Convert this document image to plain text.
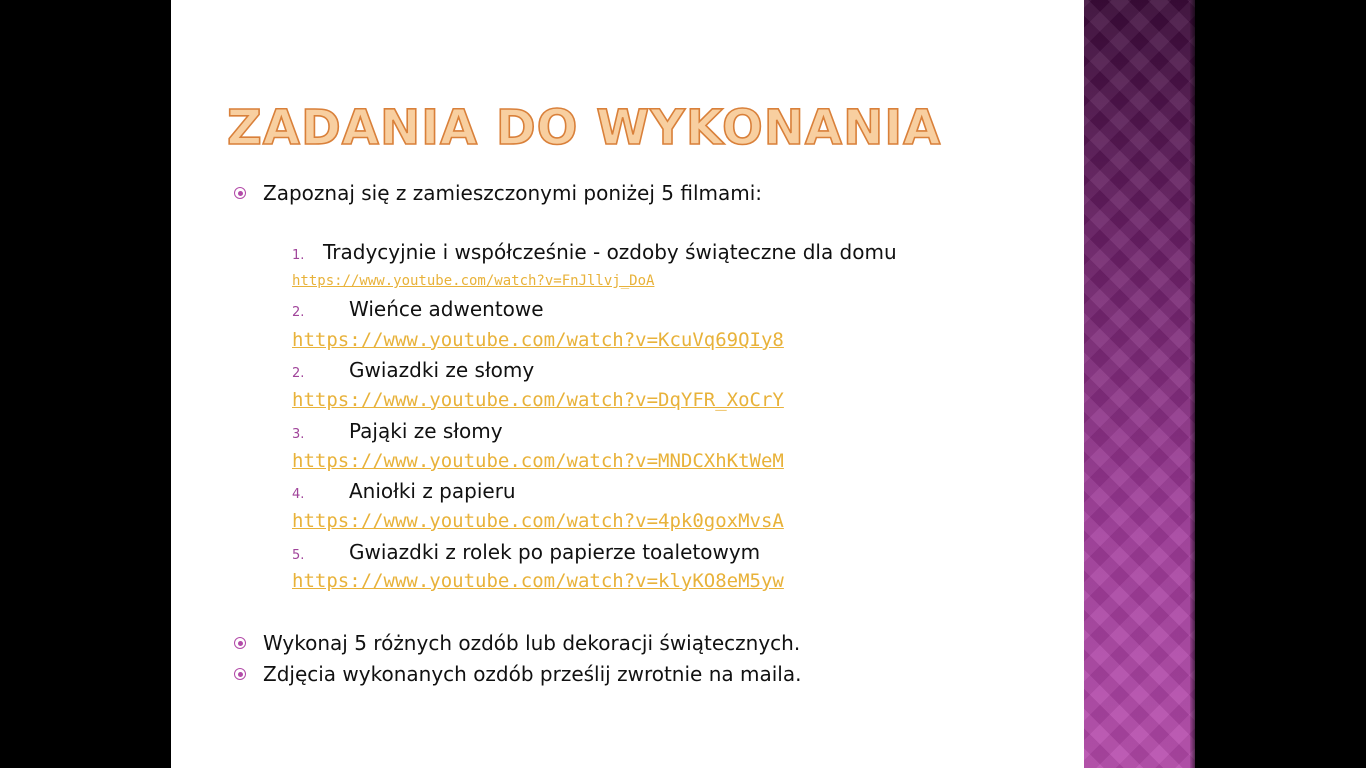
ZADANIA DO WYKONANIA
Zapoznaj się z zamieszczonymi poniżej 5 filmami:
1. Tradycyjnie i współcześnie - ozdoby świąteczne dla domu
https://www.youtube.com/watch?v=FnJllvj_DoA
2.	Wieńce adwentowe
https://www.youtube.com/watch?v=KcuVq69QIy8
2.	Gwiazdki ze słomy
https://www.youtube.com/watch?v=DqYFR_XoCrY
3.	Pająki ze słomy
https://www.youtube.com/watch?v=MNDCXhKtWeM
4.	Aniołki z papieru
https://www.youtube.com/watch?v=4pk0goxMvsA
5.	Gwiazdki z rolek po papierze toaletowym
https://www.youtube.com/watch?v=klyKO8eM5yw
Wykonaj 5 różnych ozdób lub dekoracji świątecznych.
Zdjęcia wykonanych ozdób prześlij zwrotnie na maila.
